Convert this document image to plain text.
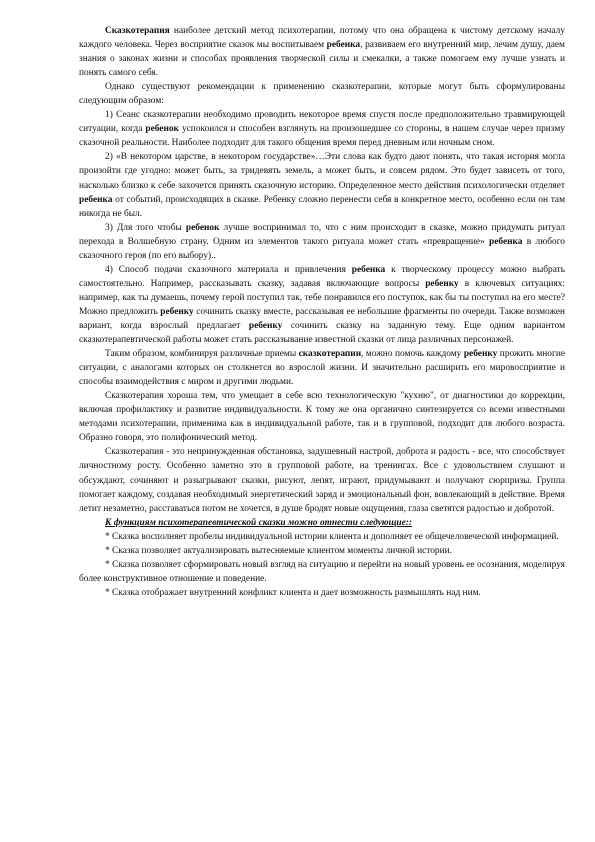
Сказкотерапия наиболее детский метод психотерапии, потому что она обращена к чистому детскому началу каждого человека. Через восприятие сказок мы воспитываем ребенка, развиваем его внутренний мир, лечим душу, даем знания о законах жизни и способах проявления творческой силы и смекалки, а также помогаем ему лучше узнать и понять самого себя.

Однако существуют рекомендации к применению сказкотерапии, которые могут быть сформулированы следующим образом:

1) Сеанс сказкотерапии необходимо проводить некоторое время спустя после предположительно травмирующей ситуации, когда ребенок успокоился и способен взглянуть на произошедшее со стороны, в нашем случае через призму сказочной реальности. Наиболее подходит для такого общения время перед дневным или ночным сном.

2) «В некотором царстве, в некотором государстве»…Эти слова как будто дают понять, что такая история могла произойти где угодно: может быть, за тридевять земель, а может быть, и совсем рядом. Это будет зависеть от того, насколько близко к себе захочется принять сказочную историю. Определенное место действия психологически отделяет ребенка от событий, происходящих в сказке. Ребенку сложно перенести себя в конкретное место, особенно если он там никогда не был.

3) Для того чтобы ребенок лучше воспринимал то, что с ним происходит в сказке, можно придумать ритуал перехода в Волшебную страну. Одним из элементов такого ритуала может стать «превращение» ребенка в любого сказочного героя (по его выбору)..

4) Способ подачи сказочного материала и привлечения ребенка к творческому процессу можно выбрать самостоятельно. Например, рассказывать сказку, задавая включающие вопросы ребенку в ключевых ситуациях: например, как ты думаешь, почему герой поступил так, тебе понравился его поступок, как бы ты поступил на его месте? Можно предложить ребенку сочинить сказку вместе, рассказывая ее небольшие фрагменты по очереди. Также возможен вариант, когда взрослый предлагает ребенку сочинить сказку на заданную тему. Еще одним вариантом сказкотерапевтической работы может стать рассказывание известной сказки от лица различных персонажей.

Таким образом, комбинируя различные приемы сказкотерапии, можно помочь каждому ребенку прожить многие ситуации, с аналогами которых он столкнется во взрослой жизни. И значительно расширить его мировосприятие и способы взаимодействия с миром и другими людьми.

Сказкотерапия хороша тем, что умещает в себе всю технологическую "кухню", от диагностики до коррекции, включая профилактику и развитие индивидуальности. К тому же она органично синтезируется со всеми известными методами психотерапии, применима как в индивидуальной работе, так и в групповой, подходит для любого возраста. Образно говоря, это полифонический метод.

Сказкотерапия - это непринужденная обстановка, задушевный настрой, доброта и радость - все, что способствует личностному росту. Особенно заметно это в групповой работе, на тренингах. Все с удовольствием слушают и обсуждают, сочиняют и разыгрывают сказки, рисуют, лепят, играют, придумывают и получают сюрпризы. Группа помогает каждому, создавая необходимый энергетический заряд и эмоциональный фон, вовлекающий в действие. Время летит незаметно, расставаться потом не хочется, в душе бродят новые ощущения, глаза светятся радостью и добротой.

К функциям психотерапевтической сказки можно отнести следующие::

* Сказка восполняет пробелы индивидуальной истории клиента и дополняет ее общечеловеческой информацией.

* Сказка позволяет актуализировать вытесняемые клиентом моменты личной истории.

* Сказка позволяет сформировать новый взгляд на ситуацию и перейти на новый уровень ее осознания, моделируя более конструктивное отношение и поведение.

* Сказка отображает внутренний конфликт клиента и дает возможность размышлять над ним.
